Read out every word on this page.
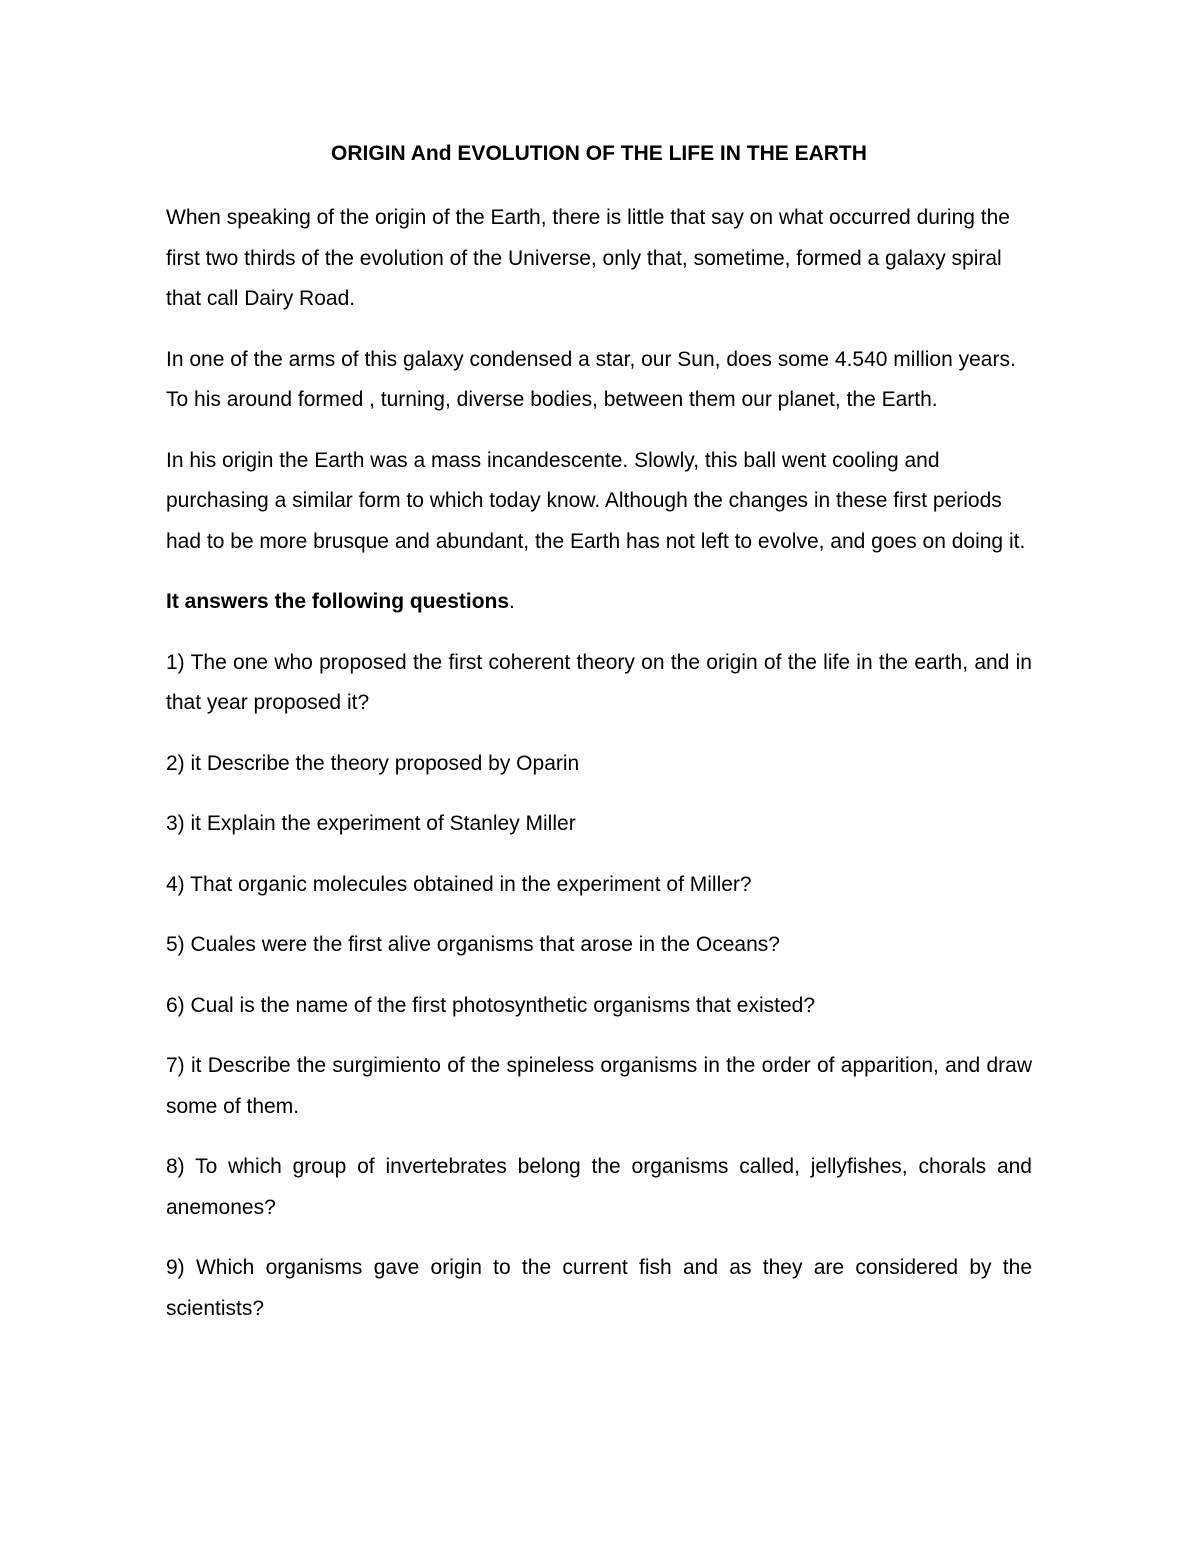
ORIGIN And EVOLUTION OF THE LIFE IN THE EARTH

When speaking of the origin of the Earth, there is little that say on what occurred during the first two thirds of the evolution of the Universe, only that, sometime, formed a galaxy spiral that call Dairy Road.

In one of the arms of this galaxy condensed a star, our Sun, does some 4.540 million years. To his around formed , turning, diverse bodies, between them our planet, the Earth.

In his origin the Earth was a mass incandescente. Slowly, this ball went cooling and purchasing a similar form to which today know. Although the changes in these first periods had to be more brusque and abundant, the Earth has not left to evolve, and goes on doing it.

It answers the following questions.

1) The one who proposed the first coherent theory on the origin of the life in the earth, and in that year proposed it?
2) it Describe the theory proposed by Oparin
3) it Explain the experiment of Stanley Miller
4) That organic molecules obtained in the experiment of Miller?
5) Cuales were the first alive organisms that arose in the Oceans?
6) Cual is the name of the first photosynthetic organisms that existed?
7) it Describe the surgimiento of the spineless organisms in the order of apparition, and draw some of them.
8) To which group of invertebrates belong the organisms called, jellyfishes, chorals and anemones?
9) Which organisms gave origin to the current fish and as they are considered by the scientists?
